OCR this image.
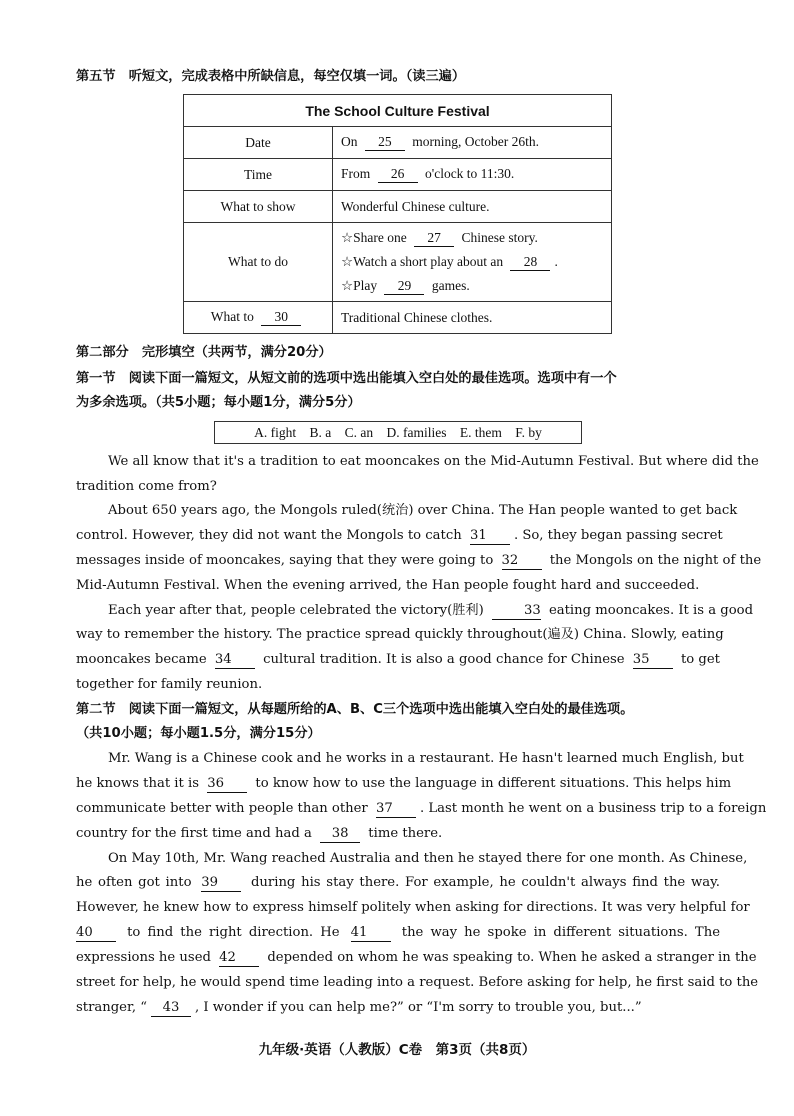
第五节　听短文，完成表格中所缺信息，每空仅填一词。（读三遍）
The School Culture Festival	
Date	On 25 morning, October 26th.
Time	From 26 o'clock to 11:30.
What to show	Wonderful Chinese culture.
What to do	☆Share one 27 Chinese story.
☆Watch a short play about an 28 .
☆Play 29 games.

What to 30	Traditional Chinese clothes.
第二部分　完形填空（共两节，满分20分）
第一节　阅读下面一篇短文，从短文前的选项中选出能填入空白处的最佳选项。选项中有一个
为多余选项。（共5小题；每小题1分，满分5分）
A. fight B. a C. an D. families E. them F. by
We all know that it's a tradition to eat mooncakes on the Mid-Autumn Festival. But where did the
tradition come from?
About 650 years ago, the Mongols ruled(统治) over China. The Han people wanted to get back
control. However, they did not want the Mongols to catch 31 . So, they began passing secret
messages inside of mooncakes, saying that they were going to 32 the Mongols on the night of the
Mid-Autumn Festival. When the evening arrived, the Han people fought hard and succeeded.
Each year after that, people celebrated the victory(胜利)	33 eating mooncakes. It is a good
way to remember the history. The practice spread quickly throughout(遍及) China. Slowly, eating
mooncakes became 34 cultural tradition. It is also a good chance for Chinese 35 to get
together for family reunion.
第二节　阅读下面一篇短文，从每题所给的A、B、C三个选项中选出能填入空白处的最佳选项。
（共10小题；每小题1.5分，满分15分）
Mr. Wang is a Chinese cook and he works in a restaurant. He hasn't learned much English, but
he knows that it is 36 to know how to use the language in different situations. This helps him
communicate better with people than other 37 . Last month he went on a business trip to a foreign
country for the first time and had a 38 time there.
On May 10th, Mr. Wang reached Australia and then he stayed there for one month. As Chinese,
he often got into 39 during his stay there. For example, he couldn't always find the way.
However, he knew how to express himself politely when asking for directions. It was very helpful for
40	to find the right direction. He 41	the way he spoke in different situations. The
expressions he used 42 depended on whom he was speaking to. When he asked a stranger in the
street for help, he would spend time leading into a request. Before asking for help, he first said to the
stranger, “ 43 , I wonder if you can help me?” or “I'm sorry to trouble you, but...”
九年级·英语（人教版）C卷　第3页（共8页）
